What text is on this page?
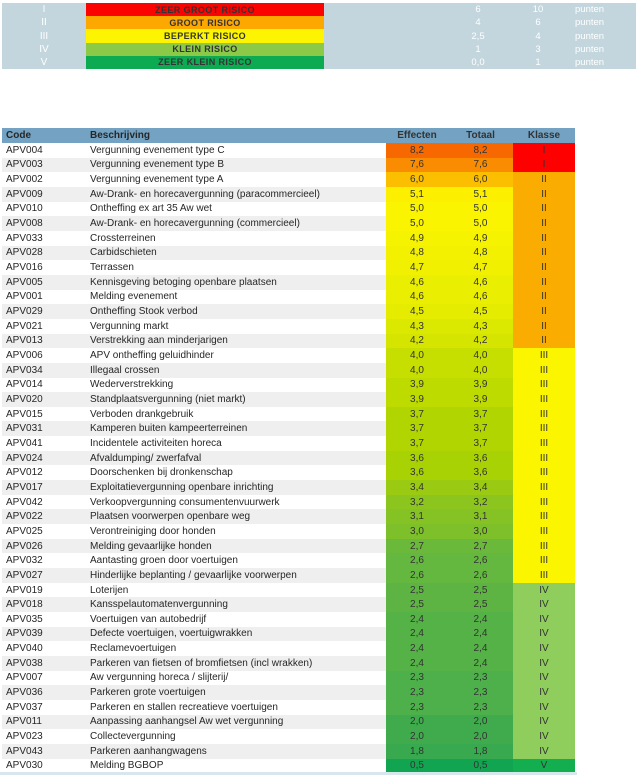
I	ZEER GROOT RISICO	6	10	punten
II	GROOT RISICO	4	6	punten
III	BEPERKT RISICO	2,5	4	punten
IV	KLEIN RISICO	1	3	punten
V	ZEER KLEIN RISICO	0,0	1	punten
Code	Beschrijving	Effecten	Totaal	Klasse
APV004	Vergunning evenement type C	8,2	8,2	I
APV003	Vergunning evenement type B	7,6	7,6	I
APV002	Vergunning evenement type A	6,0	6,0	II
APV009	Aw-Drank- en horecavergunning (paracommercieel)	5,1	5,1	II
APV010	Ontheffing ex art 35 Aw wet	5,0	5,0	II
APV008	Aw-Drank- en horecavergunning (commercieel)	5,0	5,0	II
APV033	Crossterreinen	4,9	4,9	II
APV028	Carbidschieten	4,8	4,8	II
APV016	Terrassen	4,7	4,7	II
APV005	Kennisgeving betoging openbare plaatsen	4,6	4,6	II
APV001	Melding evenement	4,6	4,6	II
APV029	Ontheffing Stook verbod	4,5	4,5	II
APV021	Vergunning markt	4,3	4,3	II
APV013	Verstrekking aan minderjarigen	4,2	4,2	II
APV006	APV ontheffing geluidhinder	4,0	4,0	III
APV034	Illegaal crossen	4,0	4,0	III
APV014	Wederverstrekking	3,9	3,9	III
APV020	Standplaatsvergunning (niet markt)	3,9	3,9	III
APV015	Verboden drankgebruik	3,7	3,7	III
APV031	Kamperen buiten kampeerterreinen	3,7	3,7	III
APV041	Incidentele activiteiten horeca	3,7	3,7	III
APV024	Afvaldumping/ zwerfafval	3,6	3,6	III
APV012	Doorschenken bij dronkenschap	3,6	3,6	III
APV017	Exploitatievergunning openbare inrichting	3,4	3,4	III
APV042	Verkoopvergunning consumentenvuurwerk	3,2	3,2	III
APV022	Plaatsen voorwerpen openbare weg	3,1	3,1	III
APV025	Verontreiniging door honden	3,0	3,0	III
APV026	Melding gevaarlijke honden	2,7	2,7	III
APV032	Aantasting groen door voertuigen	2,6	2,6	III
APV027	Hinderlijke beplanting / gevaarlijke voorwerpen	2,6	2,6	III
APV019	Loterijen	2,5	2,5	IV
APV018	Kansspelautomatenvergunning	2,5	2,5	IV
APV035	Voertuigen van autobedrijf	2,4	2,4	IV
APV039	Defecte voertuigen, voertuigwrakken	2,4	2,4	IV
APV040	Reclamevoertuigen	2,4	2,4	IV
APV038	Parkeren van fietsen of bromfietsen (incl wrakken)	2,4	2,4	IV
APV007	Aw vergunning horeca / slijterij/	2,3	2,3	IV
APV036	Parkeren grote voertuigen	2,3	2,3	IV
APV037	Parkeren en stallen recreatieve voertuigen	2,3	2,3	IV
APV011	Aanpassing aanhangsel Aw wet vergunning	2,0	2,0	IV
APV023	Collectevergunning	2,0	2,0	IV
APV043	Parkeren aanhangwagens	1,8	1,8	IV
APV030	Melding BGBOP	0,5	0,5	V
